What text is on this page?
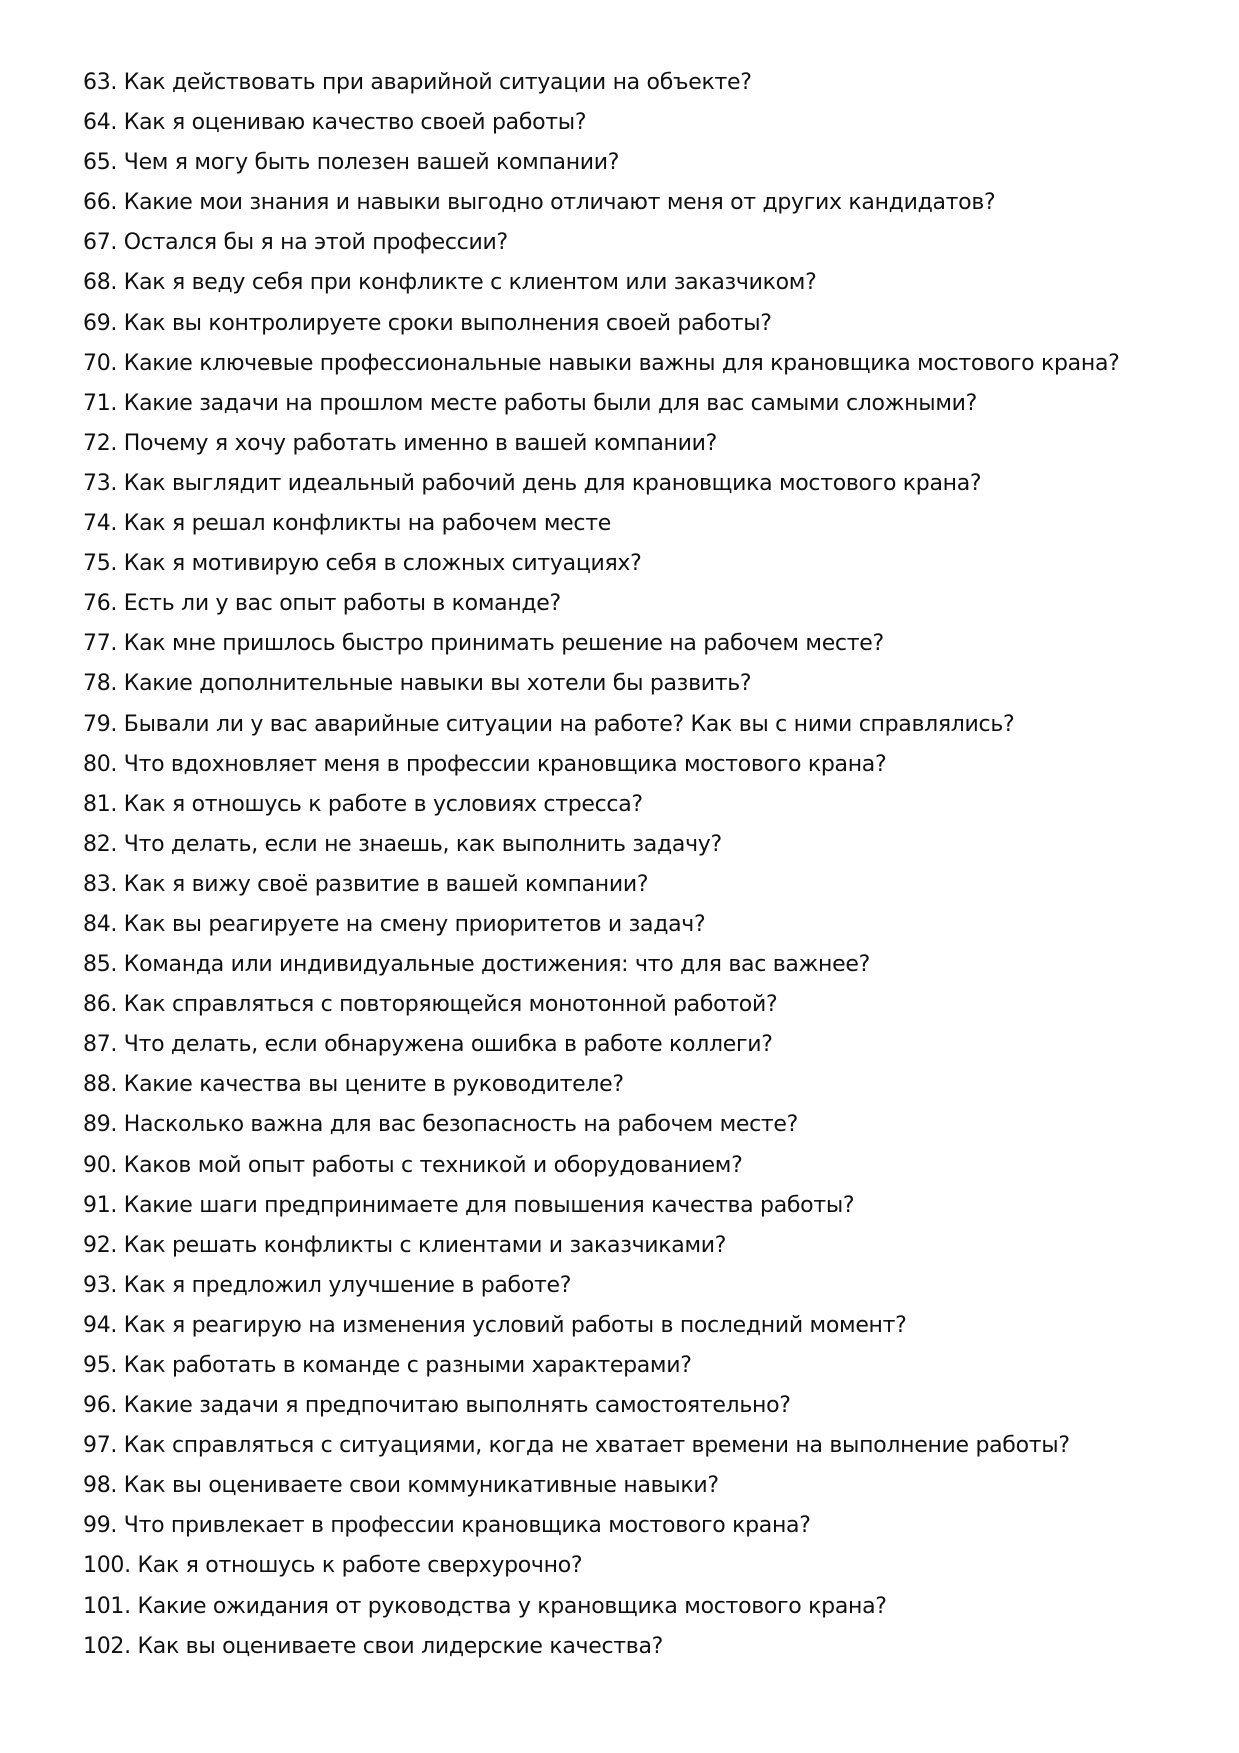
63. Как действовать при аварийной ситуации на объекте?
64. Как я оцениваю качество своей работы?
65. Чем я могу быть полезен вашей компании?
66. Какие мои знания и навыки выгодно отличают меня от других кандидатов?
67. Остался бы я на этой профессии?
68. Как я веду себя при конфликте с клиентом или заказчиком?
69. Как вы контролируете сроки выполнения своей работы?
70. Какие ключевые профессиональные навыки важны для крановщика мостового крана?
71. Какие задачи на прошлом месте работы были для вас самыми сложными?
72. Почему я хочу работать именно в вашей компании?
73. Как выглядит идеальный рабочий день для крановщика мостового крана?
74. Как я решал конфликты на рабочем месте
75. Как я мотивирую себя в сложных ситуациях?
76. Есть ли у вас опыт работы в команде?
77. Как мне пришлось быстро принимать решение на рабочем месте?
78. Какие дополнительные навыки вы хотели бы развить?
79. Бывали ли у вас аварийные ситуации на работе? Как вы с ними справлялись?
80. Что вдохновляет меня в профессии крановщика мостового крана?
81. Как я отношусь к работе в условиях стресса?
82. Что делать, если не знаешь, как выполнить задачу?
83. Как я вижу своё развитие в вашей компании?
84. Как вы реагируете на смену приоритетов и задач?
85. Команда или индивидуальные достижения: что для вас важнее?
86. Как справляться с повторяющейся монотонной работой?
87. Что делать, если обнаружена ошибка в работе коллеги?
88. Какие качества вы цените в руководителе?
89. Насколько важна для вас безопасность на рабочем месте?
90. Каков мой опыт работы с техникой и оборудованием?
91. Какие шаги предпринимаете для повышения качества работы?
92. Как решать конфликты с клиентами и заказчиками?
93. Как я предложил улучшение в работе?
94. Как я реагирую на изменения условий работы в последний момент?
95. Как работать в команде с разными характерами?
96. Какие задачи я предпочитаю выполнять самостоятельно?
97. Как справляться с ситуациями, когда не хватает времени на выполнение работы?
98. Как вы оцениваете свои коммуникативные навыки?
99. Что привлекает в профессии крановщика мостового крана?
100. Как я отношусь к работе сверхурочно?
101. Какие ожидания от руководства у крановщика мостового крана?
102. Как вы оцениваете свои лидерские качества?
